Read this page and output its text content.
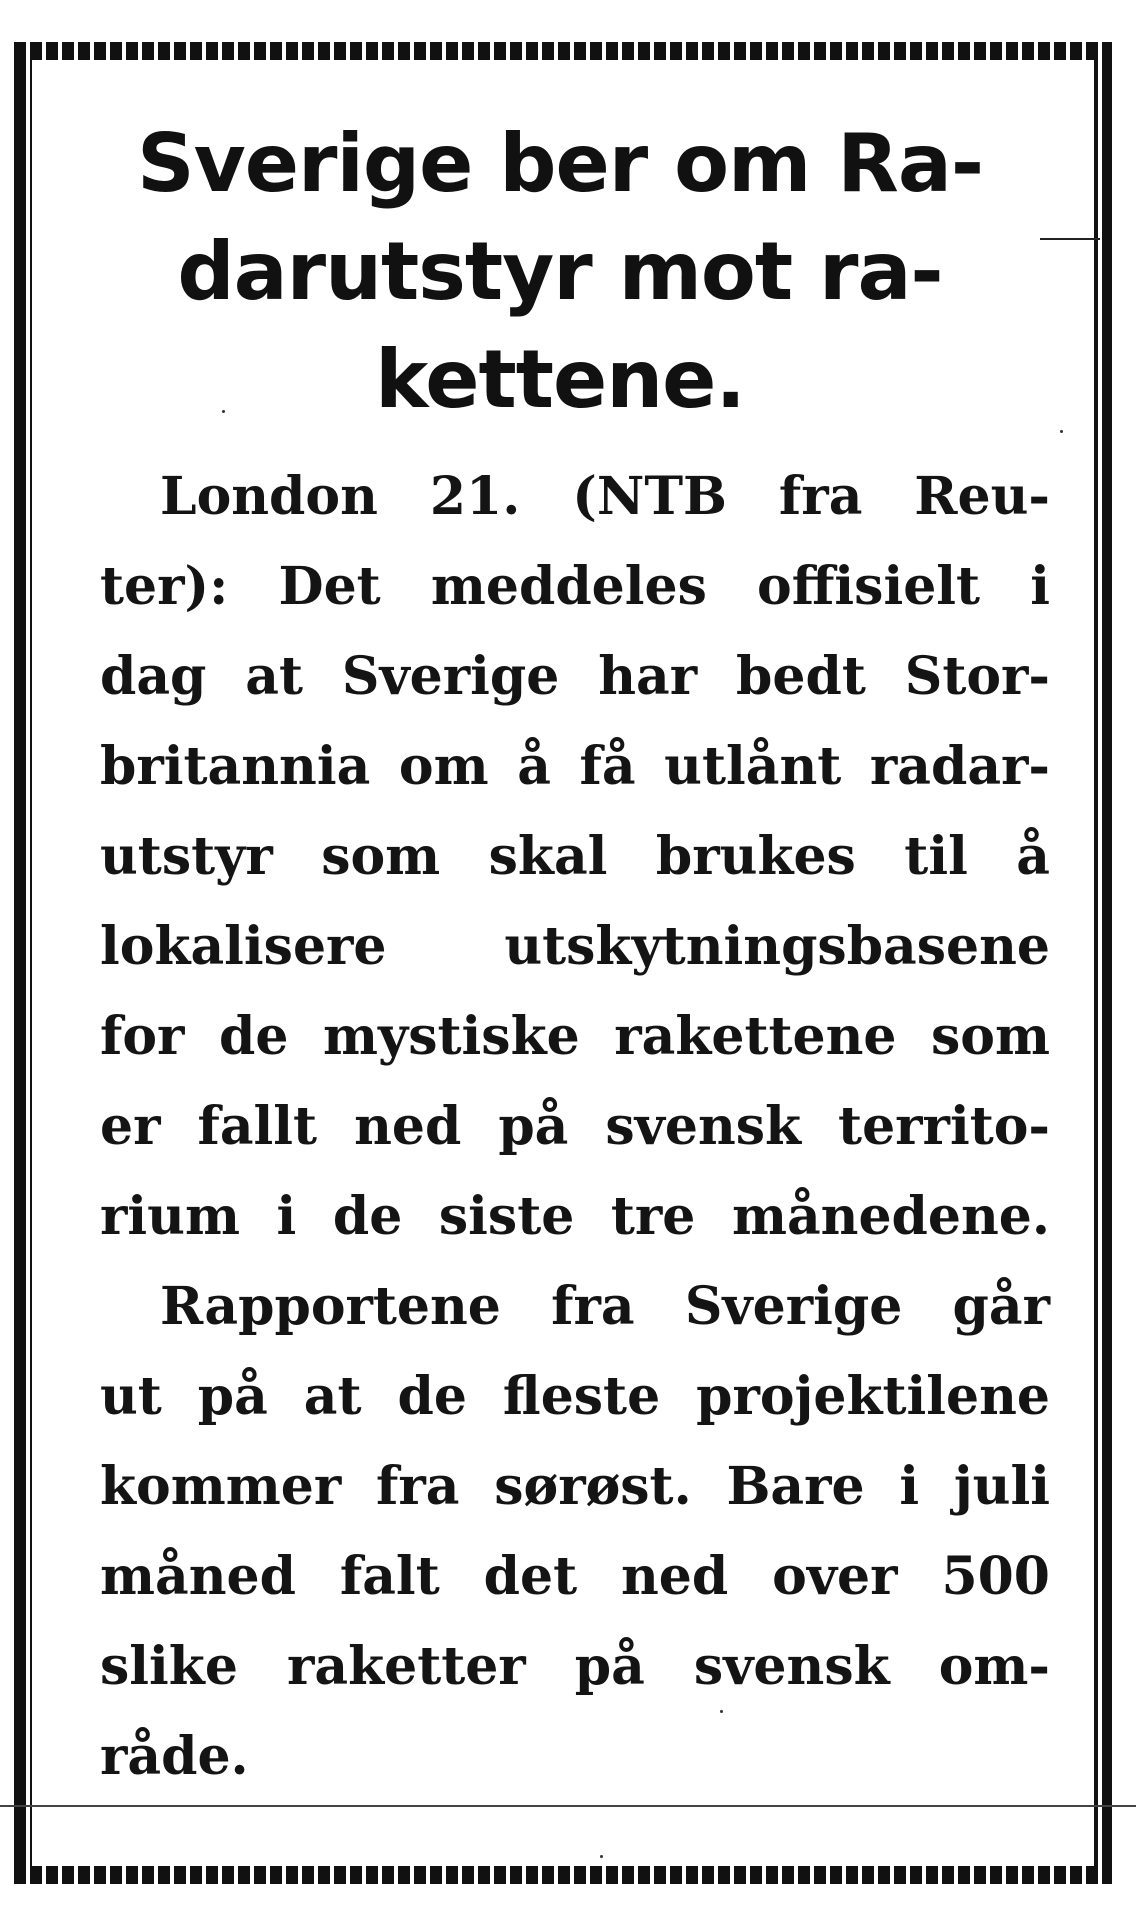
Sverige ber om Ra-
darutstyr mot ra-
kettene.
London 21. (NTB fra Reu-
ter): Det meddeles offisielt i
dag at Sverige har bedt Stor-
britannia om å få utlånt radar-
utstyr som skal brukes til å
lokalisere utskytningsbasene
for de mystiske rakettene som
er fallt ned på svensk territo-
rium i de siste tre månedene.
Rapportene fra Sverige går
ut på at de fleste projektilene
kommer fra sørøst. Bare i juli
måned falt det ned over 500
slike raketter på svensk om-
råde.
